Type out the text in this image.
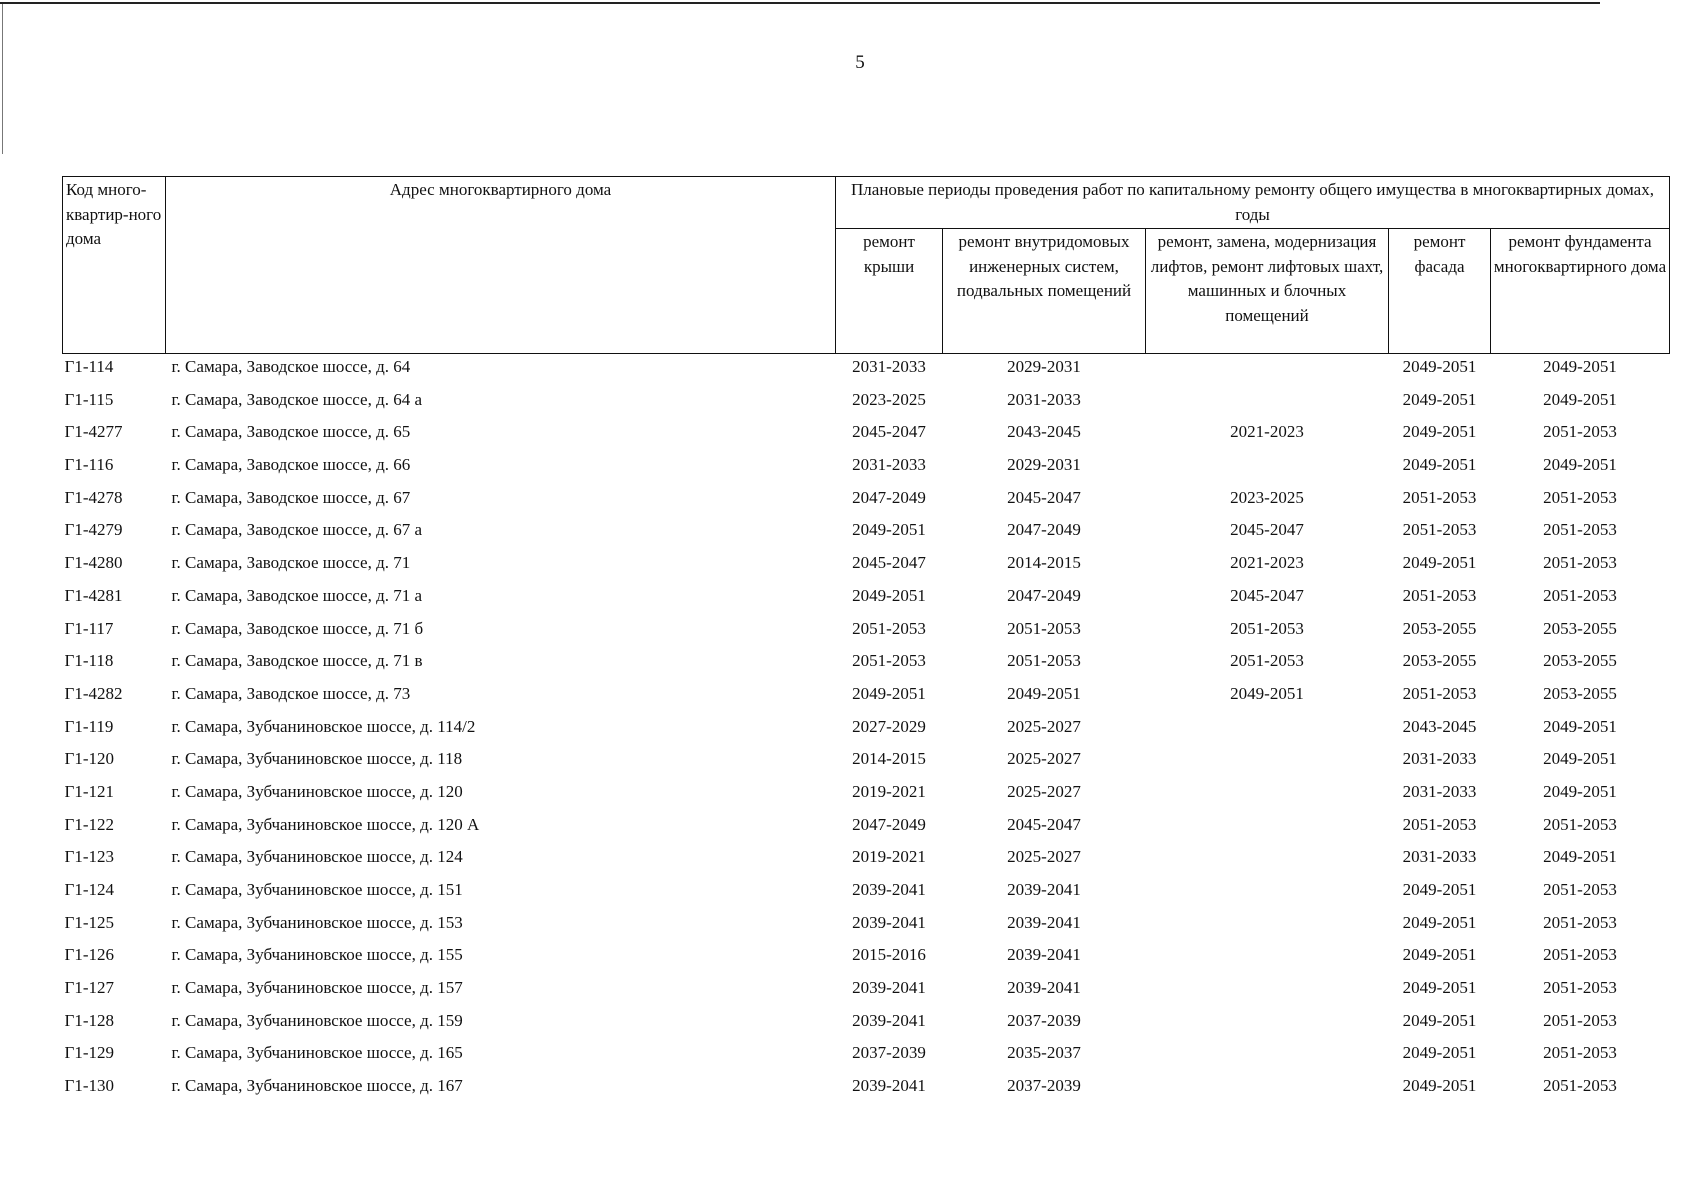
5
Код много-квартир-ного дома	Адрес многоквартирного дома	Плановые периоды проведения работ по капитальному ремонту общего имущества в многоквартирных домах, годы				
		ремонт крыши	ремонт внутридомовых инженерных систем, подвальных помещений	ремонт, замена, модернизация лифтов, ремонт лифтовых шахт, машинных и блочных помещений	ремонт фасада	ремонт фундамента многоквартирного дома
Г1-114	г. Самара, Заводское шоссе, д. 64	2031-2033	2029-2031		2049-2051	2049-2051
Г1-115	г. Самара, Заводское шоссе, д. 64 а	2023-2025	2031-2033		2049-2051	2049-2051
Г1-4277	г. Самара, Заводское шоссе, д. 65	2045-2047	2043-2045	2021-2023	2049-2051	2051-2053
Г1-116	г. Самара, Заводское шоссе, д. 66	2031-2033	2029-2031		2049-2051	2049-2051
Г1-4278	г. Самара, Заводское шоссе, д. 67	2047-2049	2045-2047	2023-2025	2051-2053	2051-2053
Г1-4279	г. Самара, Заводское шоссе, д. 67 а	2049-2051	2047-2049	2045-2047	2051-2053	2051-2053
Г1-4280	г. Самара, Заводское шоссе, д. 71	2045-2047	2014-2015	2021-2023	2049-2051	2051-2053
Г1-4281	г. Самара, Заводское шоссе, д. 71 а	2049-2051	2047-2049	2045-2047	2051-2053	2051-2053
Г1-117	г. Самара, Заводское шоссе, д. 71 б	2051-2053	2051-2053	2051-2053	2053-2055	2053-2055
Г1-118	г. Самара, Заводское шоссе, д. 71 в	2051-2053	2051-2053	2051-2053	2053-2055	2053-2055
Г1-4282	г. Самара, Заводское шоссе, д. 73	2049-2051	2049-2051	2049-2051	2051-2053	2053-2055
Г1-119	г. Самара, Зубчаниновское шоссе, д. 114/2	2027-2029	2025-2027		2043-2045	2049-2051
Г1-120	г. Самара, Зубчаниновское шоссе, д. 118	2014-2015	2025-2027		2031-2033	2049-2051
Г1-121	г. Самара, Зубчаниновское шоссе, д. 120	2019-2021	2025-2027		2031-2033	2049-2051
Г1-122	г. Самара, Зубчаниновское шоссе, д. 120 А	2047-2049	2045-2047		2051-2053	2051-2053
Г1-123	г. Самара, Зубчаниновское шоссе, д. 124	2019-2021	2025-2027		2031-2033	2049-2051
Г1-124	г. Самара, Зубчаниновское шоссе, д. 151	2039-2041	2039-2041		2049-2051	2051-2053
Г1-125	г. Самара, Зубчаниновское шоссе, д. 153	2039-2041	2039-2041		2049-2051	2051-2053
Г1-126	г. Самара, Зубчаниновское шоссе, д. 155	2015-2016	2039-2041		2049-2051	2051-2053
Г1-127	г. Самара, Зубчаниновское шоссе, д. 157	2039-2041	2039-2041		2049-2051	2051-2053
Г1-128	г. Самара, Зубчаниновское шоссе, д. 159	2039-2041	2037-2039		2049-2051	2051-2053
Г1-129	г. Самара, Зубчаниновское шоссе, д. 165	2037-2039	2035-2037		2049-2051	2051-2053
Г1-130	г. Самара, Зубчаниновское шоссе, д. 167	2039-2041	2037-2039		2049-2051	2051-2053
